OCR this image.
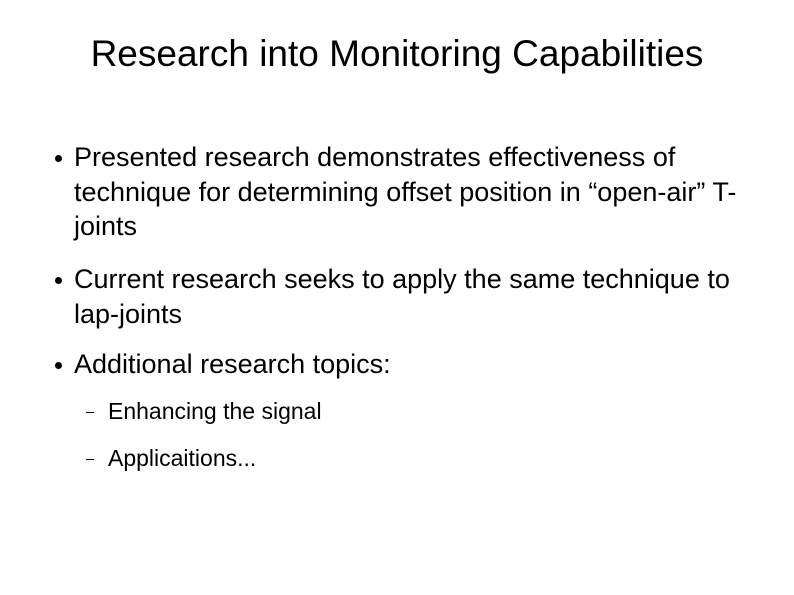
Research into Monitoring Capabilities
Presented research demonstrates effectiveness of technique for determining offset position in “open-air” T-joints
Current research seeks to apply the same technique to lap-joints
Additional research topics:
Enhancing the signal
Applicaitions...
